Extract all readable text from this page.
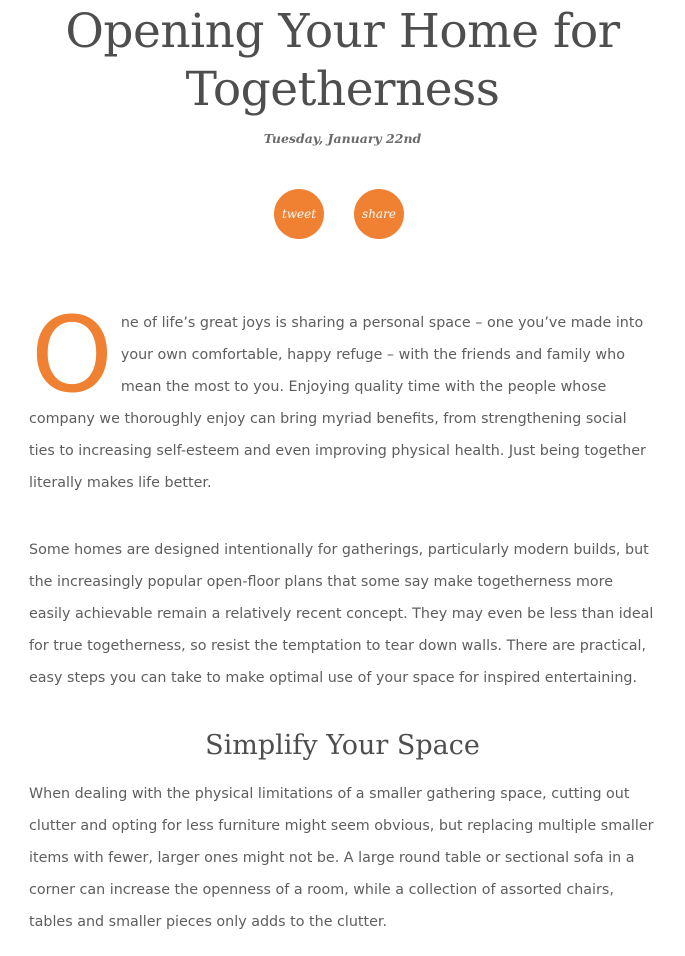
Opening Your Home for Togetherness
Tuesday, January 22nd
tweet	share

One of life’s great joys is sharing a personal space – one you’ve made into your own comfortable, happy refuge – with the friends and family who mean the most to you. Enjoying quality time with the people whose company we thoroughly enjoy can bring myriad benefits, from strengthening social ties to increasing self-esteem and even improving physical health. Just being together literally makes life better.

Some homes are designed intentionally for gatherings, particularly modern builds, but the increasingly popular open-floor plans that some say make togetherness more easily achievable remain a relatively recent concept. They may even be less than ideal for true togetherness, so resist the temptation to tear down walls. There are practical, easy steps you can take to make optimal use of your space for inspired entertaining.

Simplify Your Space

When dealing with the physical limitations of a smaller gathering space, cutting out clutter and opting for less furniture might seem obvious, but replacing multiple smaller items with fewer, larger ones might not be. A large round table or sectional sofa in a corner can increase the openness of a room, while a collection of assorted chairs, tables and smaller pieces only adds to the clutter.
